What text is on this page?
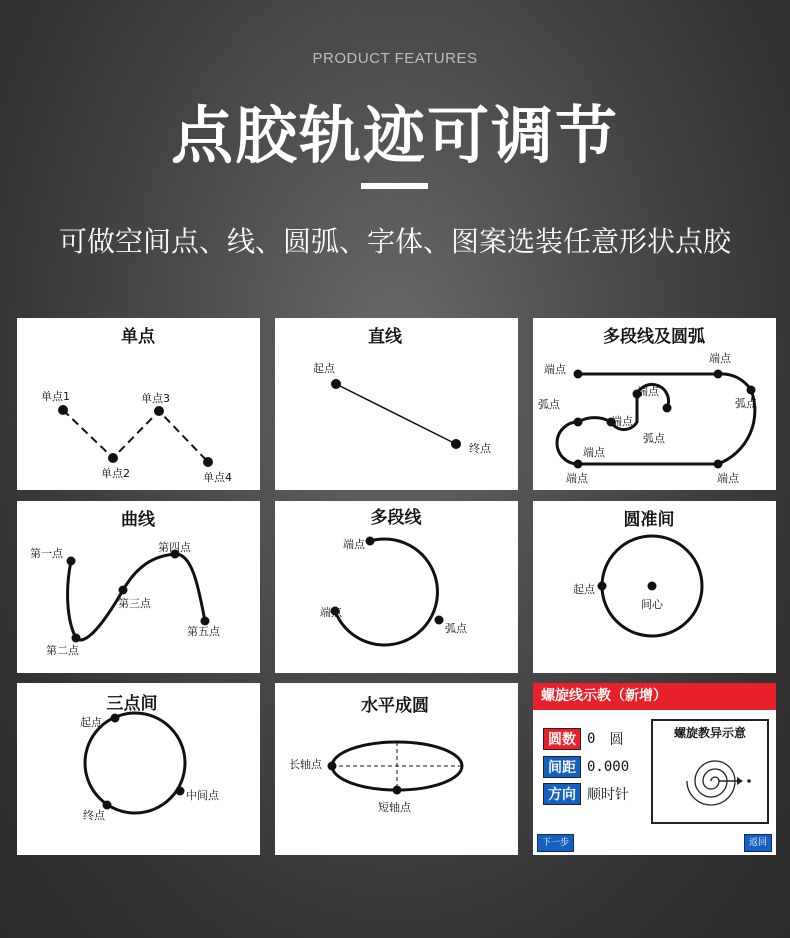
PRODUCT FEATURES
点胶轨迹可调节
可做空间点、线、圆弧、字体、图案选装任意形状点胶
单点
单点1
单点2
单点3
单点4
直线
起点
终点
多段线及圆弧
端点
端点
弧点	弧点
端点
端点
弧点
端点
端点	端点
曲线
第一点
第二点
第三点
第四点
第五点
多段线
端点
端点
弧点
圆准间
起点
间心
三点间
起点
中间点
终点
水平成圆
长轴点
短轴点
螺旋线示教（新增）
圆数 0 圆
间距 0.000
方向 顺时针
螺旋教异示意
下一步	返回
